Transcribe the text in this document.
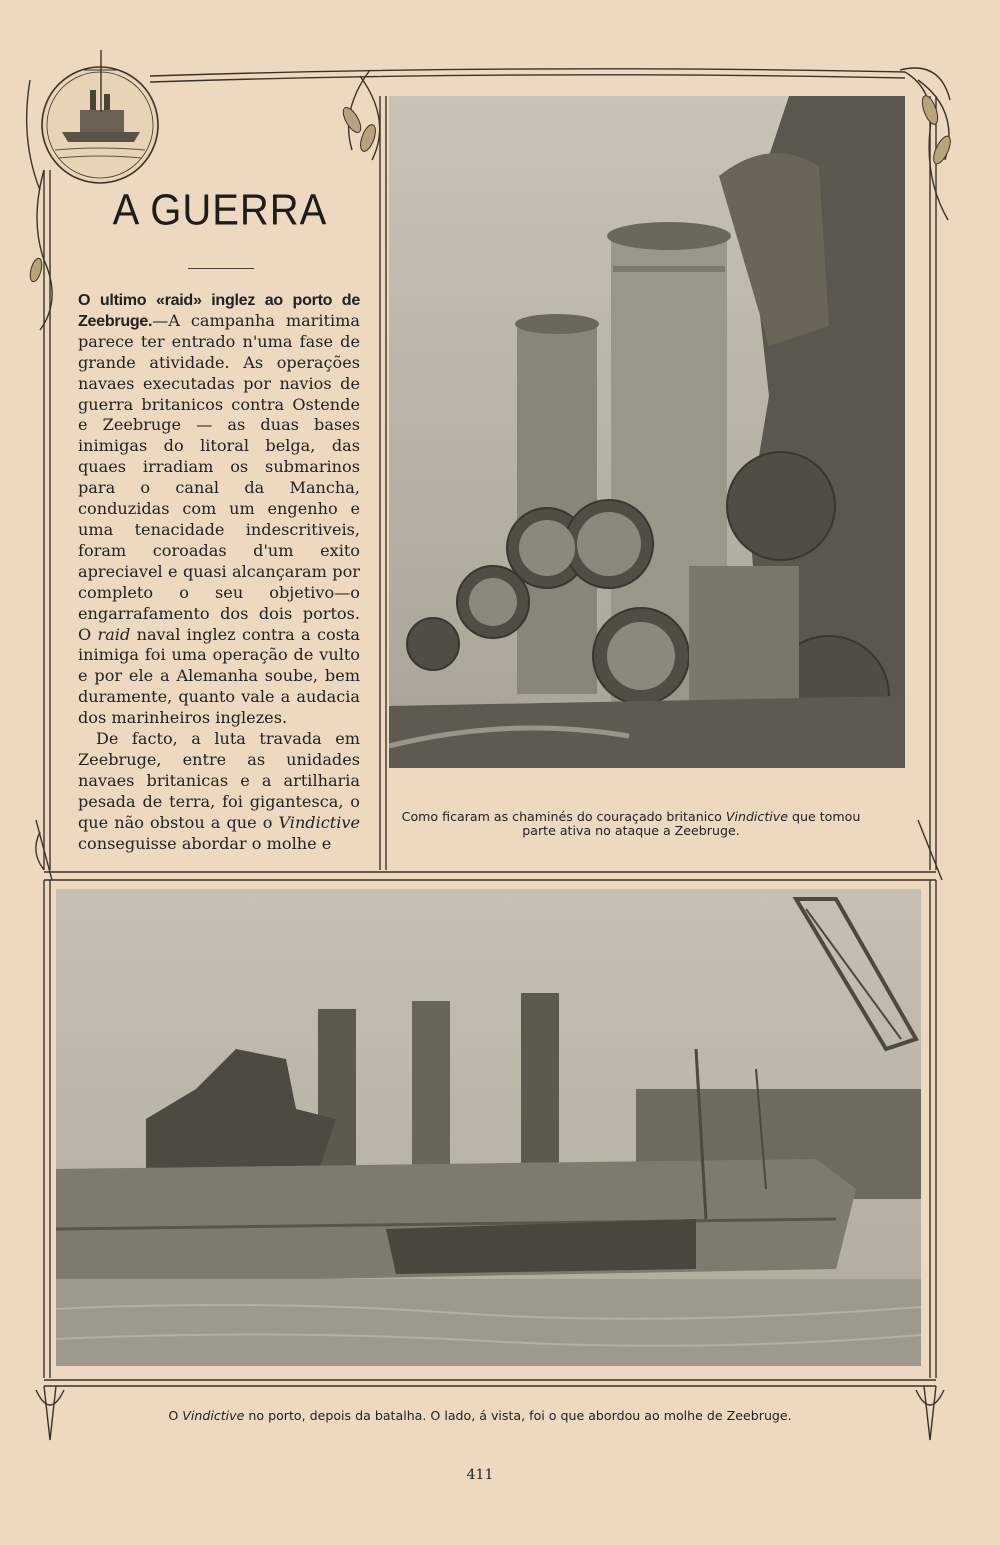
A GUERRA

O ultimo «raid» inglez ao porto de Zeebruge.—A campanha maritima parece ter entrado n'uma fase de grande atividade. As operações navaes executadas por navios de guerra britanicos contra Ostende e Zeebruge — as duas bases inimigas do litoral belga, das quaes irradiam os submarinos para o canal da Mancha, conduzidas com um engenho e uma tenacidade indescritiveis, foram coroadas d'um exito apreciavel e quasi alcançaram por completo o seu objetivo—o engarrafamento dos dois portos. O raid naval inglez contra a costa inimiga foi uma operação de vulto e por ele a Alemanha soube, bem duramente, quanto vale a audacia dos marinheiros inglezes.

De facto, a luta travada em Zeebruge, entre as unidades navaes britanicas e a artilharia pesada de terra, foi gigantesca, o que não obstou a que o Vindictive conseguisse abordar o molhe e

Como ficaram as chaminés do couraçado britanico Vindictive que tomou parte ativa no ataque a Zeebruge.
O Vindictive no porto, depois da batalha. O lado, á vista, foi o que abordou ao molhe de Zeebruge.
411
